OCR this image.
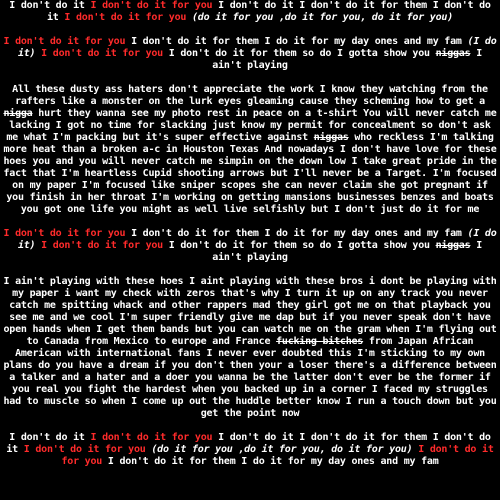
I don't do it I don't do it for you I don't do it I don't do it for them I don't do it I don't do it for you (do it for you ,do it for you, do it for you)
I don't do it for you I don't do it for them I do it for my day ones and my fam (I do it) I don't do it for you I don't do it for them so do I gotta show you niggas I ain't playing
All these dusty ass haters don't appreciate the work I know they watching from the rafters like a monster on the lurk eyes gleaming cause they scheming how to get a nigga hurt they wanna see my photo rest in peace on a t-shirt You will never catch me lacking I got no time for slacking just know my permit for concealment so don't ask me what I'm packing but it's super effective against niggas who reckless I'm talking more heat than a broken a-c in Houston Texas And nowadays I don't have love for these hoes you and you will never catch me simpin on the down low I take great pride in the fact that I'm heartless Cupid shooting arrows but I'll never be a Target. I'm focused on my paper I'm focused like sniper scopes she can never claim she got pregnant if you finish in her throat I'm working on getting mansions businesses benzes and boats you got one life you might as well live selfishly but I don't just do it for me
I don't do it for you I don't do it for them I do it for my day ones and my fam (I do it) I don't do it for you I don't do it for them so do I gotta show you niggas I ain't playing
I ain't playing with these hoes I aint playing with these bros i dont be playing with my paper i want my check with zeros that's why I turn it up on any track you never catch me spitting whack and other rappers mad they girl got me on that playback you see me and we cool I'm super friendly give me dap but if you never speak don't have open hands when I get them bands but you can watch me on the gram when I'm flying out to Canada from Mexico to europe and France fucking bitches from Japan African American with international fans I never ever doubted this I'm sticking to my own plans do you have a dream if you don't then your a loser there's a difference between a talker and a hater and a doer you wanna be the latter don't ever be the former if you real you fight the hardest when you backed up in a corner I faced my struggles had to muscle so when I come up out the huddle better know I run a touch down but you get the point now
I don't do it I don't do it for you I don't do it I don't do it for them I don't do it I don't do it for you (do it for you ,do it for you, do it for you) I don't do it for you I don't do it for them I do it for my day ones and my fam
